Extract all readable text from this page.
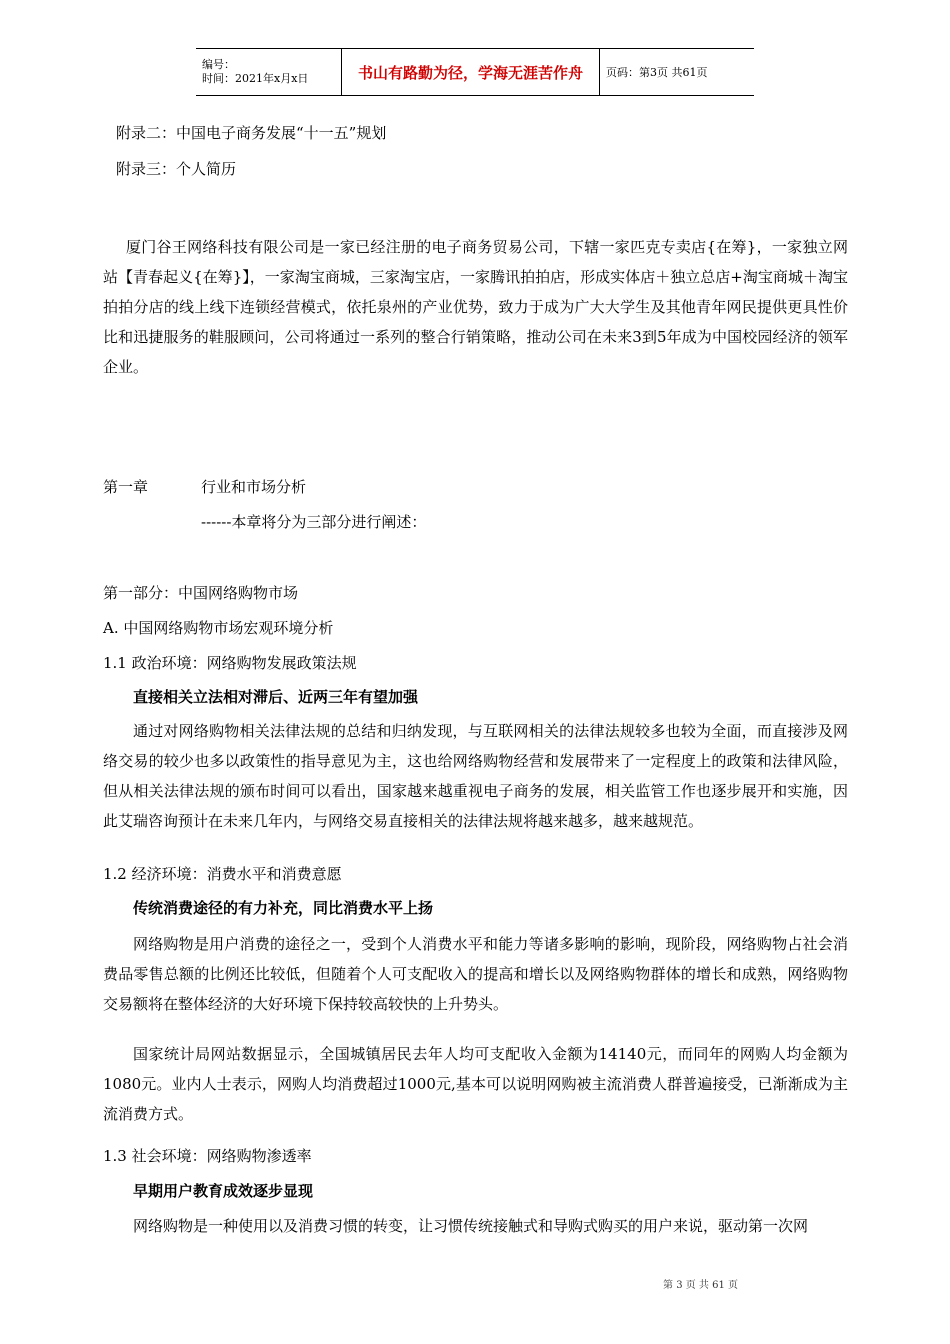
编号：
时间：2021年x月x日	书山有路勤为径，学海无涯苦作舟	页码：第3页 共61页
附录二：中国电子商务发展“十一五”规划
附录三：个人简历
厦门谷王网络科技有限公司是一家已经注册的电子商务贸易公司，下辖一家匹克专卖店{在筹}，一家独立网站【青春起义{在筹}】，一家淘宝商城，三家淘宝店，一家腾讯拍拍店，形成实体店＋独立总店+淘宝商城＋淘宝拍拍分店的线上线下连锁经营模式，依托泉州的产业优势，致力于成为广大大学生及其他青年网民提供更具性价比和迅捷服务的鞋服顾问，公司将通过一系列的整合行销策略，推动公司在未来3到5年成为中国校园经济的领军企业。
第一章	行业和市场分析
------本章将分为三部分进行阐述：
第一部分：中国网络购物市场
A. 中国网络购物市场宏观环境分析
1.1 政治环境：网络购物发展政策法规
直接相关立法相对滞后、近两三年有望加强
通过对网络购物相关法律法规的总结和归纳发现，与互联网相关的法律法规较多也较为全面，而直接涉及网络交易的较少也多以政策性的指导意见为主，这也给网络购物经营和发展带来了一定程度上的政策和法律风险，但从相关法律法规的颁布时间可以看出，国家越来越重视电子商务的发展，相关监管工作也逐步展开和实施，因此艾瑞咨询预计在未来几年内，与网络交易直接相关的法律法规将越来越多，越来越规范。
1.2 经济环境：消费水平和消费意愿
传统消费途径的有力补充，同比消费水平上扬
网络购物是用户消费的途径之一，受到个人消费水平和能力等诸多影响的影响，现阶段，网络购物占社会消费品零售总额的比例还比较低，但随着个人可支配收入的提高和增长以及网络购物群体的增长和成熟，网络购物交易额将在整体经济的大好环境下保持较高较快的上升势头。
国家统计局网站数据显示，全国城镇居民去年人均可支配收入金额为14140元，而同年的网购人均金额为1080元。业内人士表示，网购人均消费超过1000元,基本可以说明网购被主流消费人群普遍接受，已渐渐成为主流消费方式。
1.3 社会环境：网络购物渗透率
早期用户教育成效逐步显现
网络购物是一种使用以及消费习惯的转变，让习惯传统接触式和导购式购买的用户来说，驱动第一次网
第 3 页 共 61 页
